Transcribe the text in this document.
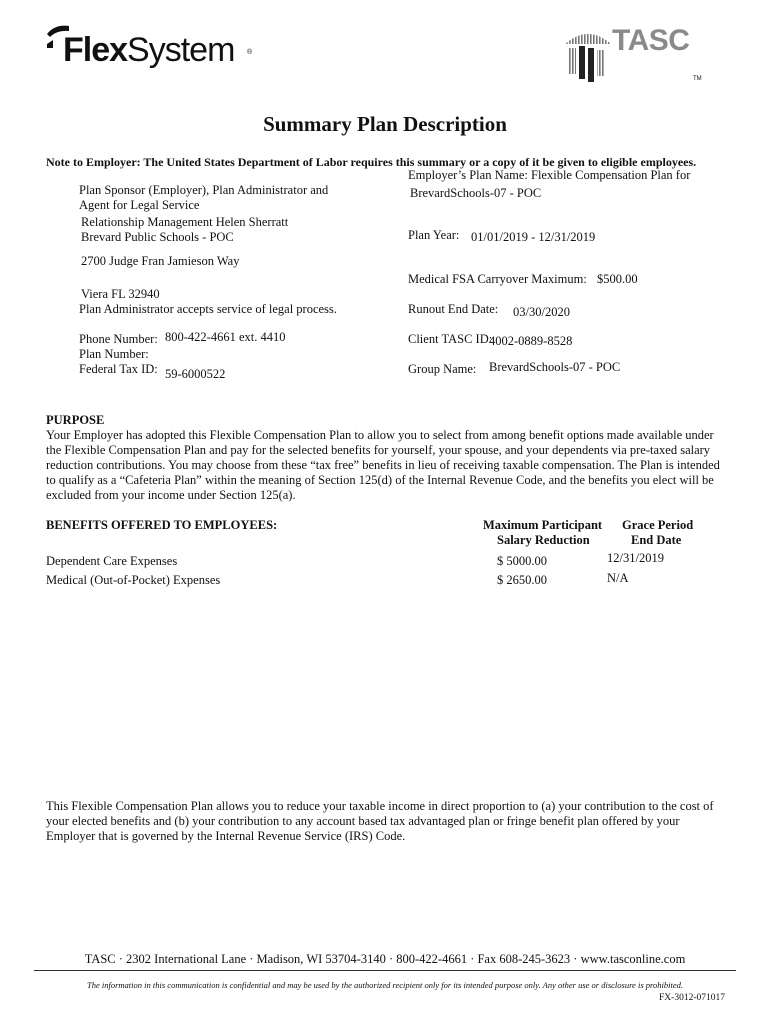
FlexSystem ®	TASC
TM
Summary Plan Description
Note to Employer: The United States Department of Labor requires this summary or a copy of it be given to eligible employees.
Plan Sponsor (Employer), Plan Administrator and
Agent for Legal Service
Relationship Management Helen Sherratt
Brevard Public Schools - POC
2700 Judge Fran Jamieson Way
Viera FL 32940
Plan Administrator accepts service of legal process.
Phone Number: 800-422-4661 ext. 4410
Plan Number:
Federal Tax ID: 59-6000522
Employer’s Plan Name: Flexible Compensation Plan for
BrevardSchools-07 - POC
Plan Year: 01/01/2019 - 12/31/2019
Medical FSA Carryover Maximum: $500.00
Runout End Date: 03/30/2020
Client TASC ID:
4002-0889-8528
Group Name: BrevardSchools-07 - POC
PURPOSE
Your Employer has adopted this Flexible Compensation Plan to allow you to select from among benefit options made available under the Flexible Compensation Plan and pay for the selected benefits for yourself, your spouse, and your dependents via pre-taxed salary reduction contributions. You may choose from these “tax free” benefits in lieu of receiving taxable compensation. The Plan is intended to qualify as a “Cafeteria Plan” within the meaning of Section 125(d) of the Internal Revenue Code, and the benefits you elect will be excluded from your income under Section 125(a).
BENEFITS OFFERED TO EMPLOYEES:	Maximum Participant
Salary Reduction
Grace Period
End Date
Dependent Care Expenses	$ 5000.00	12/31/2019
Medical (Out-of-Pocket) Expenses	$ 2650.00	N/A
This Flexible Compensation Plan allows you to reduce your taxable income in direct proportion to (a) your contribution to the cost of your elected benefits and (b) your contribution to any account based tax advantaged plan or fringe benefit plan offered by your Employer that is governed by the Internal Revenue Service (IRS) Code.
TASC · 2302 International Lane · Madison, WI 53704-3140 · 800-422-4661 · Fax 608-245-3623 · www.tasconline.com
The information in this communication is confidential and may be used by the authorized recipient only for its intended purpose only. Any other use or disclosure is prohibited.
FX-3012-071017
